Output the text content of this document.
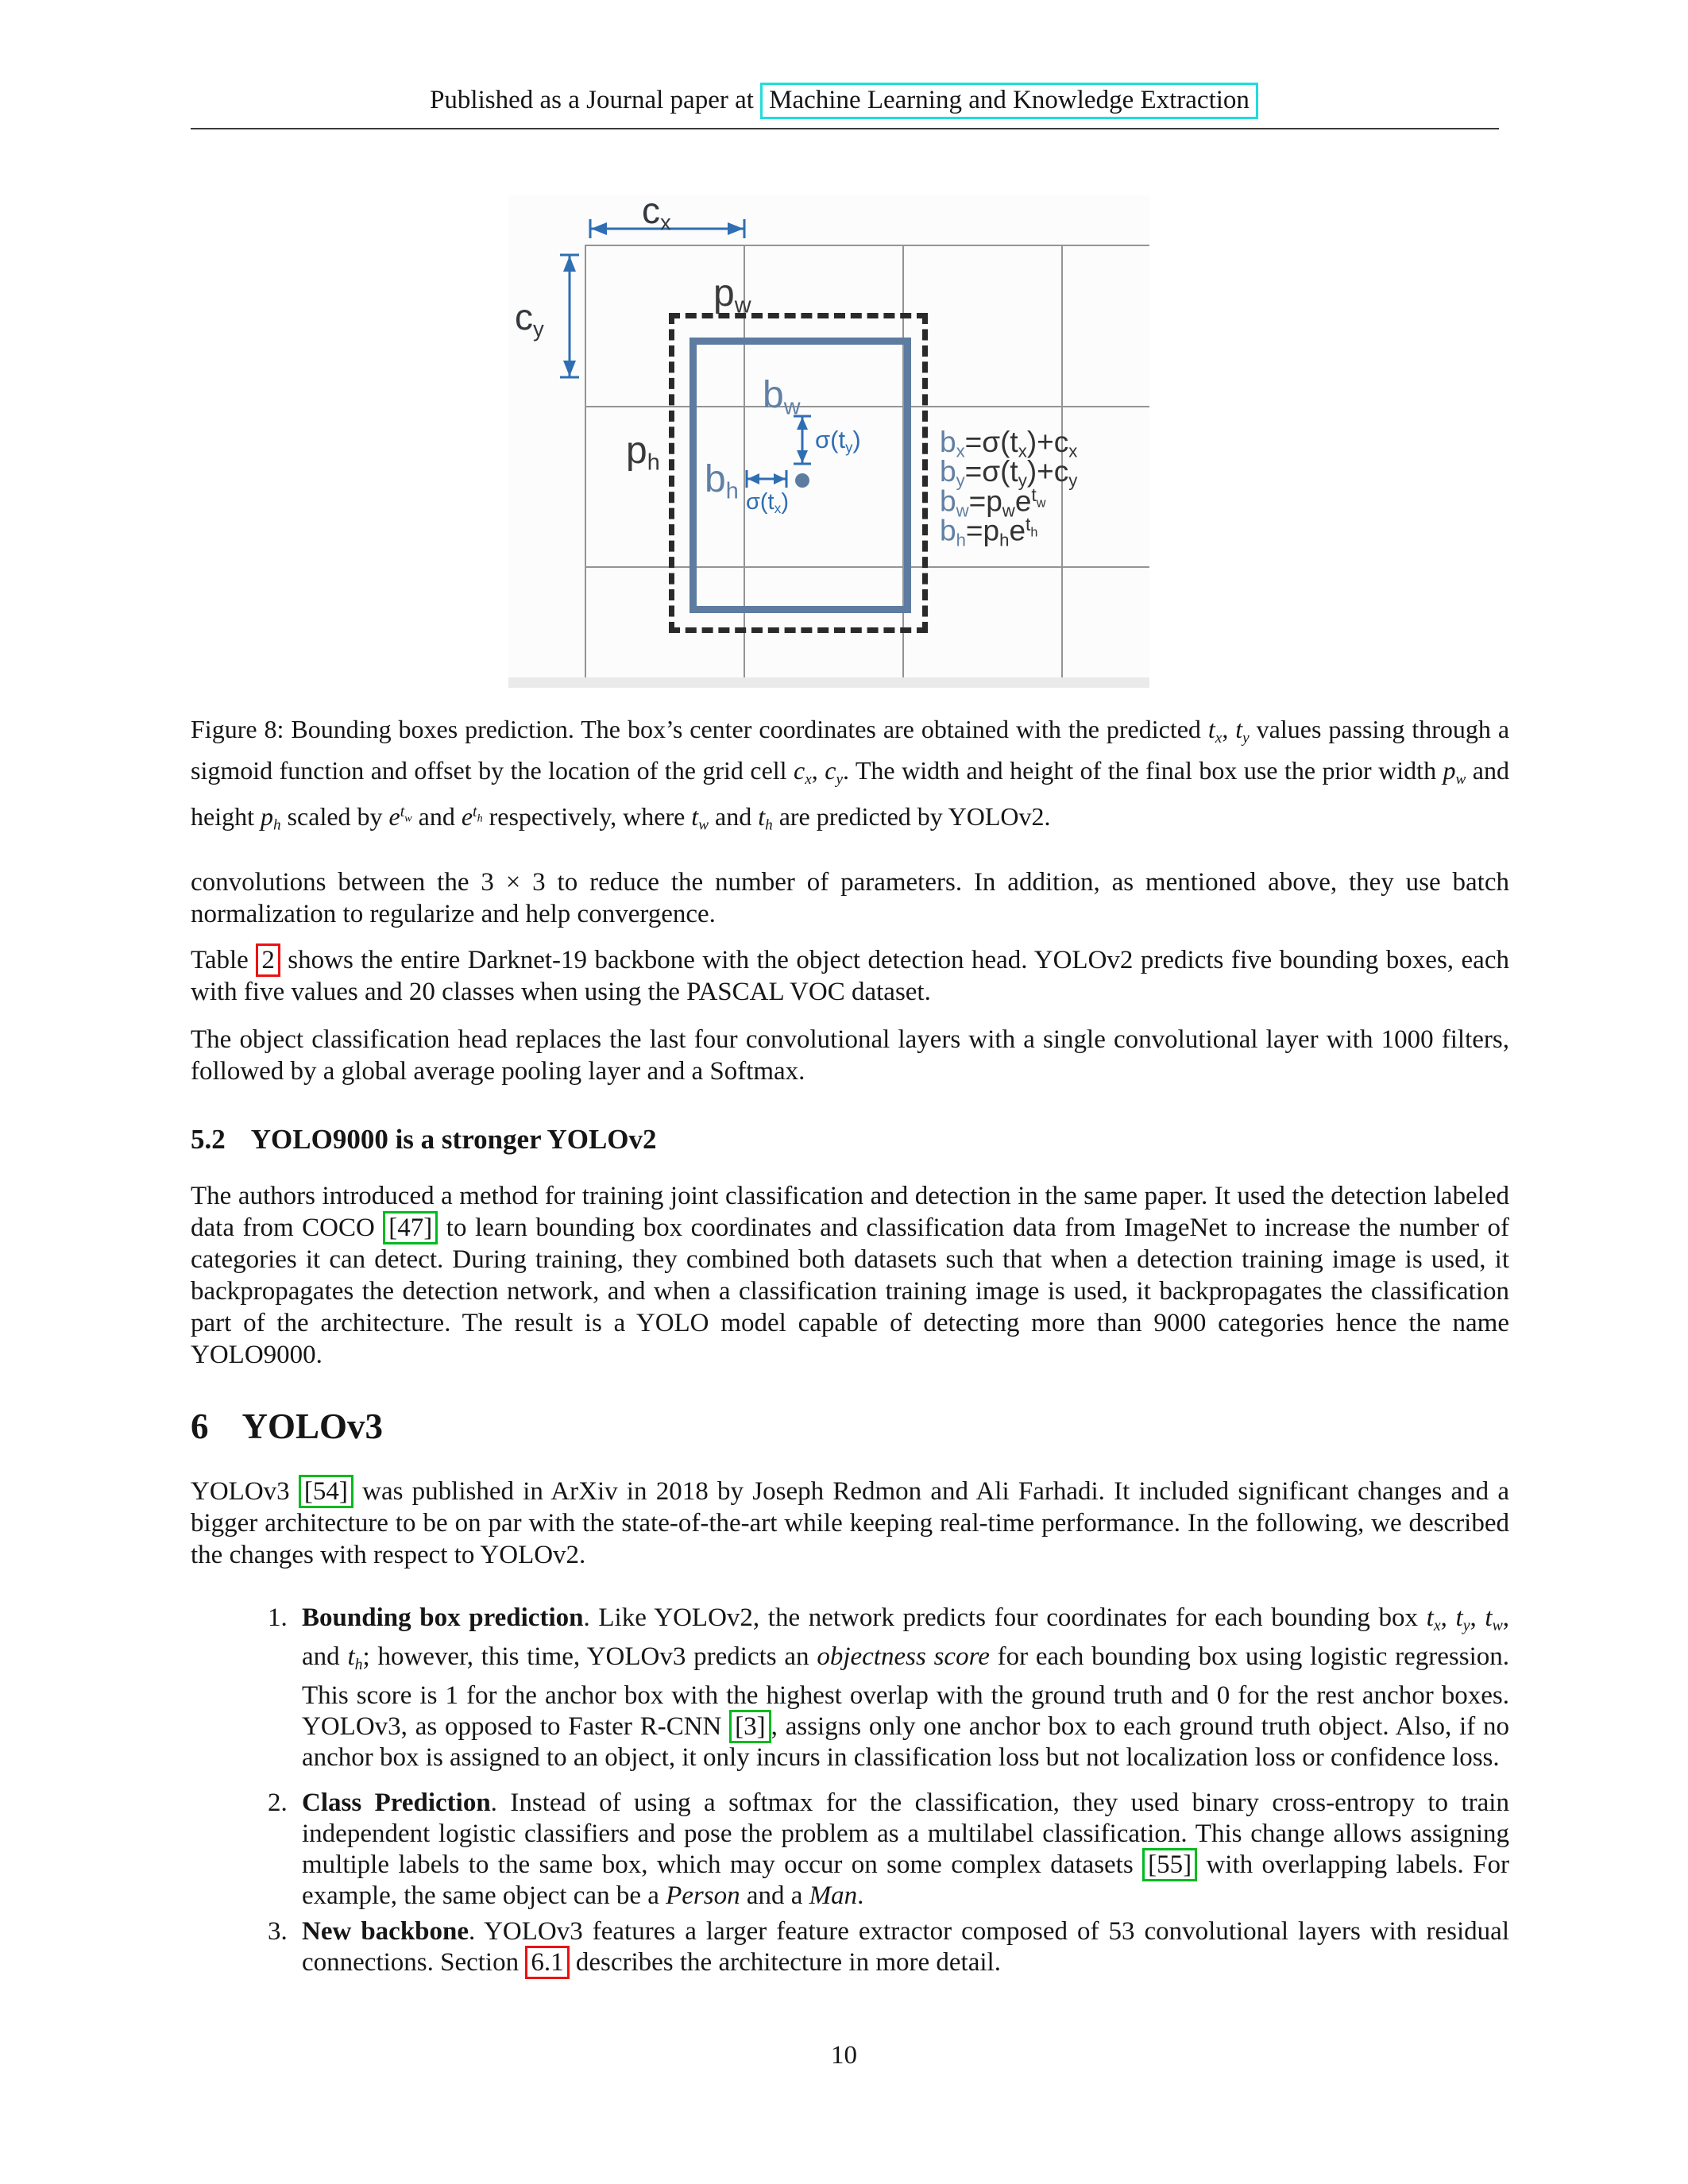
Published as a Journal paper at Machine Learning and Knowledge Extraction
cx
cy
pw
bw
ph bh
σ(ty)
σ(tx)
bx=σ(tx)+cx
by=σ(ty)+cy
bw=pwe$^t$w
bh=phe$^t$h
Figure 8: Bounding boxes prediction. The box’s center coordinates are obtained with the predicted tx, ty values passing through a sigmoid function and offset by the location of the grid cell cx, cy. The width and height of the final box use the prior width pw and height ph scaled by $e^tw$ and $e^th$ respectively, where tw and th are predicted by YOLOv2.
convolutions between the 3 × 3 to reduce the number of parameters. In addition, as mentioned above, they use batch normalization to regularize and help convergence.
Table 2 shows the entire Darknet-19 backbone with the object detection head. YOLOv2 predicts five bounding boxes, each with five values and 20 classes when using the PASCAL VOC dataset.
The object classification head replaces the last four convolutional layers with a single convolutional layer with 1000 filters, followed by a global average pooling layer and a Softmax.
5.2 YOLO9000 is a stronger YOLOv2
The authors introduced a method for training joint classification and detection in the same paper. It used the detection labeled data from COCO [47] to learn bounding box coordinates and classification data from ImageNet to increase the number of categories it can detect. During training, they combined both datasets such that when a detection training image is used, it backpropagates the detection network, and when a classification training image is used, it backpropagates the classification part of the architecture. The result is a YOLO model capable of detecting more than 9000 categories hence the name YOLO9000.
6 YOLOv3
YOLOv3 [54] was published in ArXiv in 2018 by Joseph Redmon and Ali Farhadi. It included significant changes and a bigger architecture to be on par with the state-of-the-art while keeping real-time performance. In the following, we described the changes with respect to YOLOv2.
1. Bounding box prediction. Like YOLOv2, the network predicts four coordinates for each bounding box tx, ty, tw, and th; however, this time, YOLOv3 predicts an objectness score for each bounding box using logistic regression. This score is 1 for the anchor box with the highest overlap with the ground truth and 0 for the rest anchor boxes. YOLOv3, as opposed to Faster R-CNN [3] , assigns only one anchor box to each ground truth object. Also, if no anchor box is assigned to an object, it only incurs in classification loss but not localization loss or confidence loss.
2. Class Prediction. Instead of using a softmax for the classification, they used binary cross-entropy to train independent logistic classifiers and pose the problem as a multilabel classification. This change allows assigning multiple labels to the same box, which may occur on some complex datasets [55] with overlapping labels. For example, the same object can be a Person and a Man.
3. New backbone. YOLOv3 features a larger feature extractor composed of 53 convolutional layers with residual connections. Section 6.1 describes the architecture in more detail.
10
